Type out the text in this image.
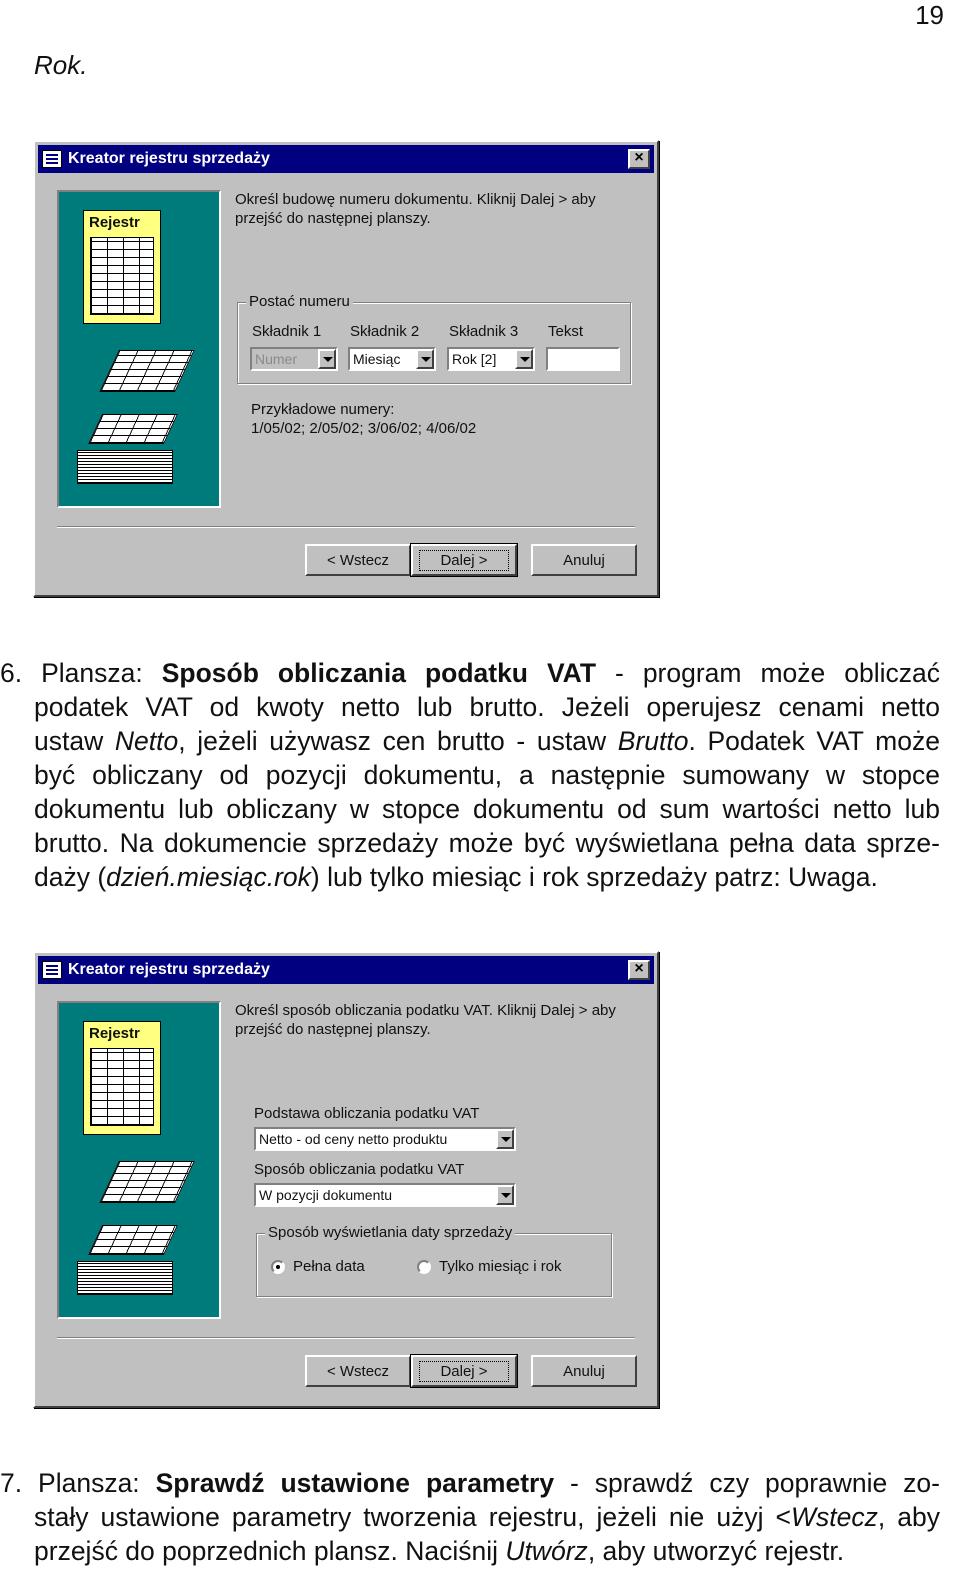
19
Rok.
Kreator rejestru sprzedaży	×
Rejestr
Określ budowę numeru dokumentu. Kliknij Dalej > aby
przejść do następnej planszy.
Postać numeru
Składnik 1 Składnik 2 Składnik 3 Tekst
Numer	Miesiąc	Rok [2]
Przykładowe numery:
1/05/02; 2/05/02; 3/06/02; 4/06/02
< Wstecz	Dalej >	Anuluj
6. Plansza: Sposób obliczania podatku VAT - program może obliczać
podatek VAT od kwoty netto lub brutto. Jeżeli operujesz cenami netto
ustaw Netto, jeżeli używasz cen brutto - ustaw Brutto. Podatek VAT może
być obliczany od pozycji dokumentu, a następnie sumowany w stopce
dokumentu lub obliczany w stopce dokumentu od sum wartości netto lub
brutto. Na dokumencie sprzedaży może być wyświetlana pełna data sprze-
daży (dzień.miesiąc.rok) lub tylko miesiąc i rok sprzedaży patrz: Uwaga.
Kreator rejestru sprzedaży	×
Rejestr
Określ sposób obliczania podatku VAT. Kliknij Dalej > aby
przejść do następnej planszy.
Podstawa obliczania podatku VAT
Netto - od ceny netto produktu
Sposób obliczania podatku VAT
W pozycji dokumentu
Sposób wyświetlania daty sprzedaży
Pełna data	Tylko miesiąc i rok
< Wstecz	Dalej >	Anuluj
7. Plansza: Sprawdź ustawione parametry - sprawdź czy poprawnie zo-
stały ustawione parametry tworzenia rejestru, jeżeli nie użyj <Wstecz, aby
przejść do poprzednich plansz. Naciśnij Utwórz, aby utworzyć rejestr.
